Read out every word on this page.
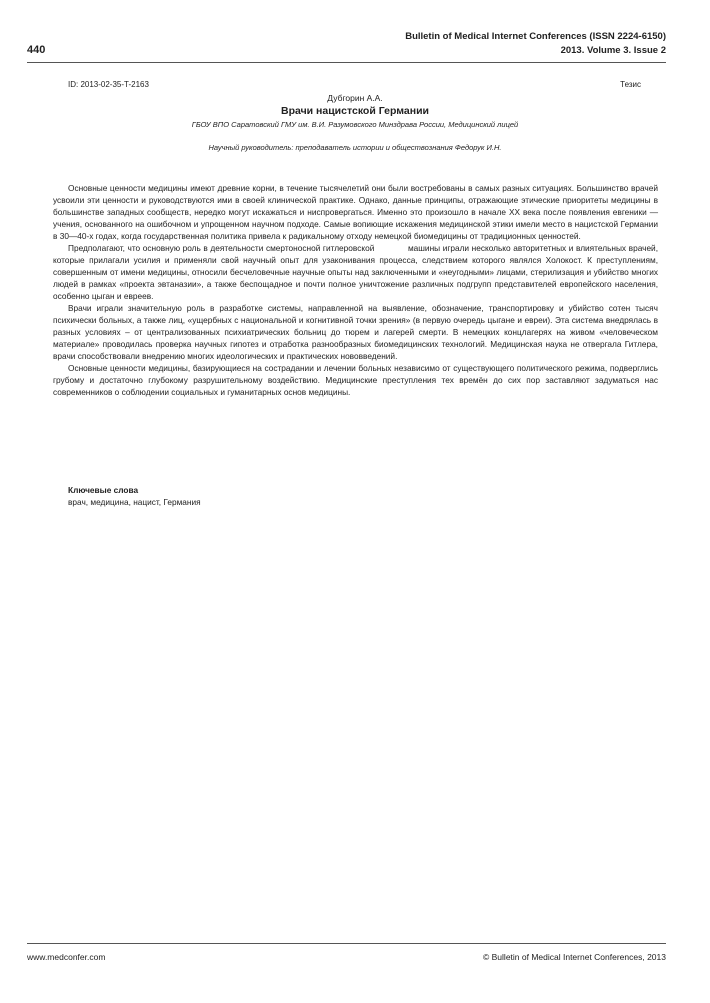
440
Bulletin of Medical Internet Conferences (ISSN 2224-6150)
2013. Volume 3. Issue 2
ID: 2013-02-35-T-2163	Тезис
Дубгорин А.А.
Врачи нацистской Германии
ГБОУ ВПО Саратовский ГМУ им. В.И. Разумовского Минздрава России, Медицинский лицей
Научный руководитель: преподаватель истории и обществознания Федорук И.Н.

Основные ценности медицины имеют древние корни, в течение тысячелетий они были востребованы в самых разных ситуациях. Большинство врачей усвоили эти ценности и руководствуются ими в своей клинической практике. Однако, данные принципы, отражающие этические приоритеты медицины в большинстве западных сообществ, нередко могут искажаться и ниспровергаться. Именно это произошло в начале XX века после появления евгеники — учения, основанного на ошибочном и упрощенном научном подходе. Самые вопиющие искажения медицинской этики имели место в нацистской Германии в 30—40-х годах, когда государственная политика привела к радикальному отходу немецкой биомедицины от традиционных ценностей.

Предполагают, что основную роль в деятельности смертоносной гитлеровской             машины играли несколько авторитетных и влиятельных врачей, которые прилагали усилия и применяли свой научный опыт для узаконивания процесса, следствием которого являлся Холокост. К преступлениям, совершенным от имени медицины, относили бесчеловечные научные опыты над заключенными и «неугодными» лицами, стерилизация и убийство многих людей в рамках «проекта эвтаназии», а также беспощадное и почти полное уничтожение различных подгрупп представителей европейского населения, особенно цыган и евреев.

Врачи играли значительную роль в разработке системы, направленной на выявление, обозначение, транспортировку и убийство сотен тысяч психически больных, а также лиц, «ущербных с национальной и когнитивной точки зрения» (в первую очередь цыгане и евреи). Эта система внедрялась в разных условиях – от централизованных психиатрических больниц до тюрем и лагерей смерти. В немецких концлагерях на живом «человеческом материале» проводилась проверка научных гипотез и отработка разнообразных биомедицинских технологий. Медицинская наука не отвергала Гитлера, врачи способствовали внедрению многих идеологических и практических нововведений.

Основные ценности медицины, базирующиеся на сострадании и лечении больных независимо от существующего политического режима, подверглись грубому и достаточно глубокому разрушительному воздействию. Медицинские преступления тех времён до сих пор заставляют задуматься нас современников о соблюдении социальных и гуманитарных основ медицины.

Ключевые слова
врач, медицина, нацист, Германия
www.medconfer.com	© Bulletin of Medical Internet Conferences, 2013
